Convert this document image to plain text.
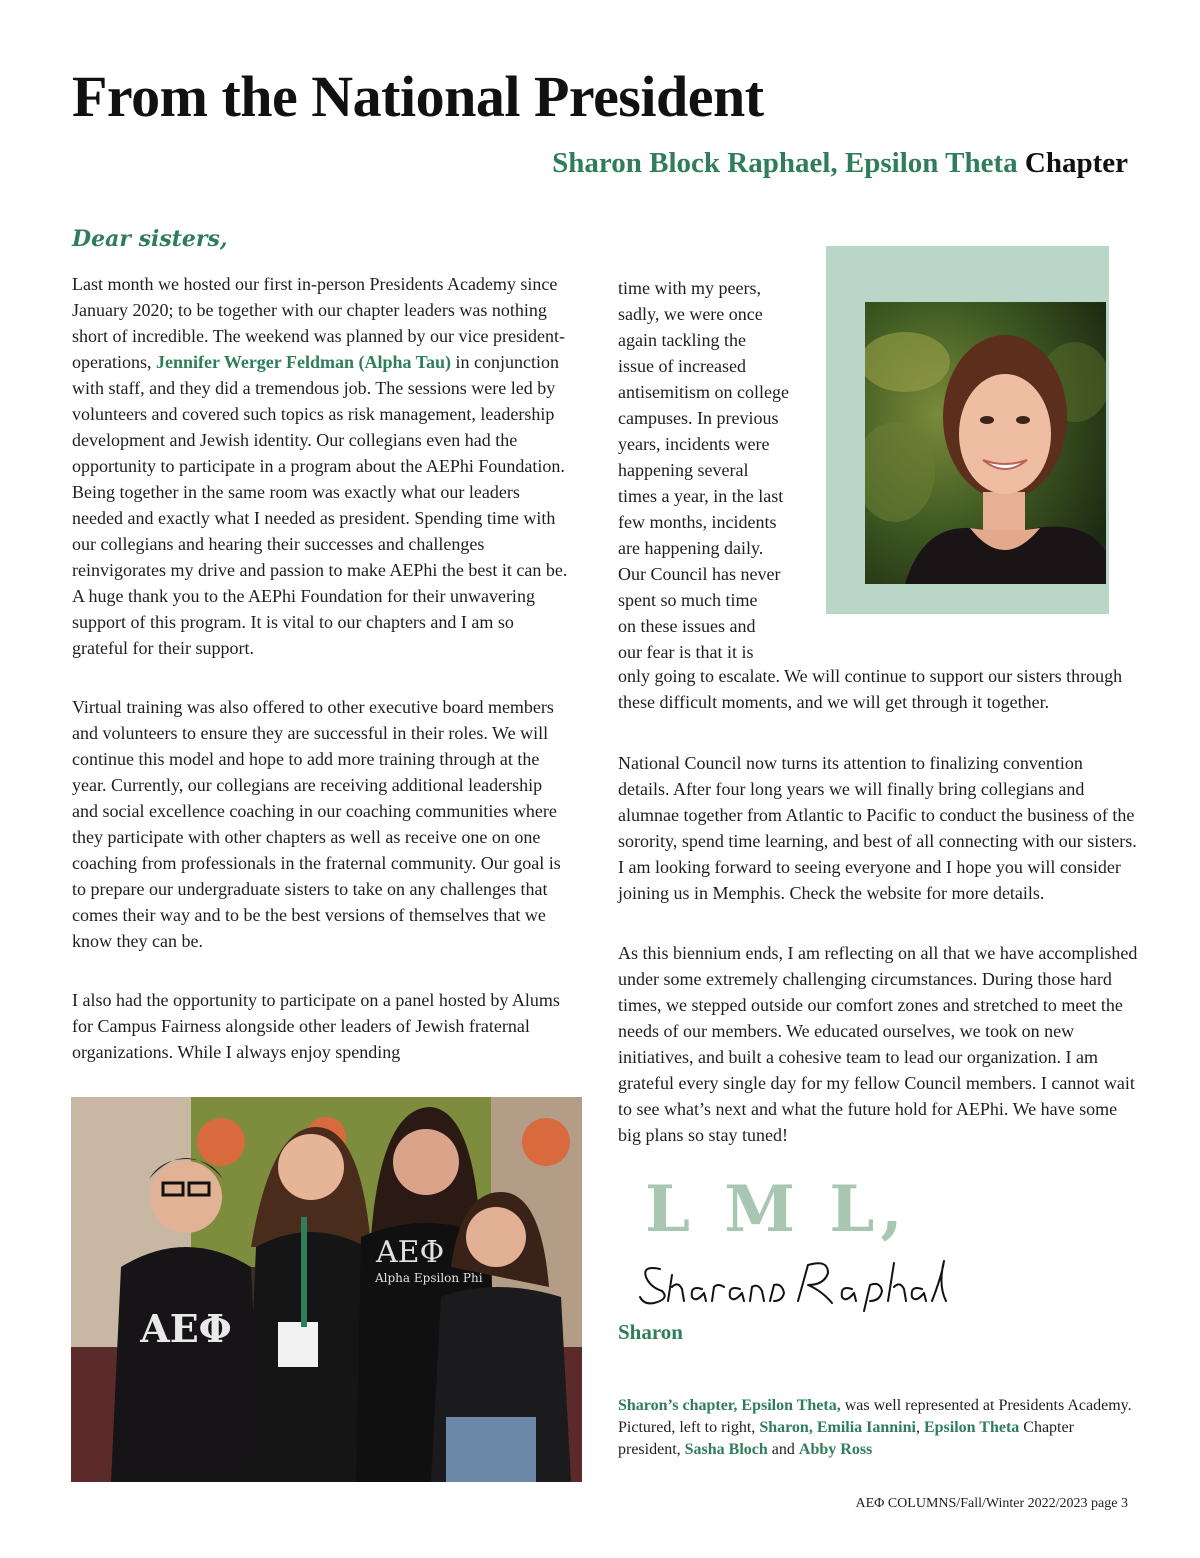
From the National President

Sharon Block Raphael, Epsilon Theta Chapter

Dear sisters,

Last month we hosted our first in-person Presidents Academy since January 2020; to be together with our chapter leaders was nothing short of incredible. The weekend was planned by our vice president-operations, Jennifer Werger Feldman (Alpha Tau) in conjunction with staff, and they did a tremendous job. The sessions were led by volunteers and covered such topics as risk management, leadership development and Jewish identity. Our collegians even had the opportunity to participate in a program about the AEPhi Foundation. Being together in the same room was exactly what our leaders needed and exactly what I needed as president. Spending time with our collegians and hearing their successes and challenges reinvigorates my drive and passion to make AEPhi the best it can be. A huge thank you to the AEPhi Foundation for their unwavering support of this program. It is vital to our chapters and I am so grateful for their support.

Virtual training was also offered to other executive board members and volunteers to ensure they are successful in their roles. We will continue this model and hope to add more training through at the year. Currently, our collegians are receiving additional leadership and social excellence coaching in our coaching communities where they participate with other chapters as well as receive one on one coaching from professionals in the fraternal community. Our goal is to prepare our undergraduate sisters to take on any challenges that comes their way and to be the best versions of themselves that we know they can be.

I also had the opportunity to participate on a panel hosted by Alums for Campus Fairness alongside other leaders of Jewish fraternal organizations. While I always enjoy spending

time with my peers,
sadly, we were once
again tackling the
issue of increased
antisemitism on college
campuses. In previous
years, incidents were
happening several
times a year, in the last
few months, incidents
are happening daily.
Our Council has never
spent so much time
on these issues and
our fear is that it is

only going to escalate. We will continue to support our sisters through these difficult moments, and we will get through it together.

National Council now turns its attention to finalizing convention details. After four long years we will finally bring collegians and alumnae together from Atlantic to Pacific to conduct the business of the sorority, spend time learning, and best of all connecting with our sisters. I am looking forward to seeing everyone and I hope you will consider joining us in Memphis. Check the website for more details.

As this biennium ends, I am reflecting on all that we have accomplished under some extremely challenging circumstances. During those hard times, we stepped outside our comfort zones and stretched to meet the needs of our members. We educated ourselves, we took on new initiatives, and built a cohesive team to lead our organization. I am grateful every single day for my fellow Council members. I cannot wait to see what’s next and what the future hold for AEPhi. We have some big plans so stay tuned!

ΑΕΦ
ΑΕΦ
Alpha Epsilon Phi
L M L,
Sharon

Sharon’s chapter, Epsilon Theta, was well represented at Presidents Academy. Pictured, left to right, Sharon, Emilia Iannini, Epsilon Theta Chapter president, Sasha Bloch and Abby Ross

AΕΦ COLUMNS/Fall/Winter 2022/2023 page 3
